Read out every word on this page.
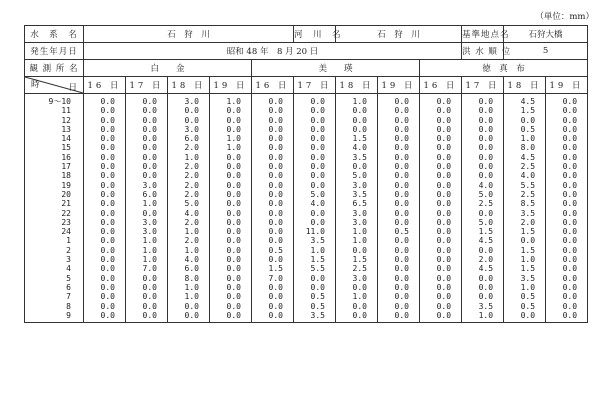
（単位：mm）
水　系　名	石　狩　川					河　川　名	石　狩　川			基準地点名	石狩大橋	
発生年月日	昭和 48 年　8 月 20 日									洪 水 順 位	5	
観 測 所 名	白　　金				美　　瑛				徳　真　布			

日
時	16 日	17 日	18 日	19 日	16 日	17 日	18 日	19 日	16 日	17 日	18 日	19 日
9〜10	0.0	0.0	3.0	1.0	0.0	0.0	1.0	0.0	0.0	0.0	4.5	0.0
11	0.0	0.0	0.0	0.0	0.0	0.0	0.0	0.0	0.0	0.0	1.5	0.0
12	0.0	0.0	0.0	0.0	0.0	0.0	0.0	0.0	0.0	0.0	0.0	0.0
13	0.0	0.0	3.0	0.0	0.0	0.0	0.0	0.0	0.0	0.0	0.5	0.0
14	0.0	0.0	6.0	1.0	0.0	0.0	1.5	0.0	0.0	0.0	1.0	0.0
15	0.0	0.0	2.0	1.0	0.0	0.0	4.0	0.0	0.0	0.0	8.0	0.0
16	0.0	0.0	1.0	0.0	0.0	0.0	3.5	0.0	0.0	0.0	4.5	0.0
17	0.0	0.0	2.0	0.0	0.0	0.0	0.0	0.0	0.0	0.0	2.5	0.0
18	0.0	0.0	2.0	0.0	0.0	0.0	5.0	0.0	0.0	0.0	4.0	0.0
19	0.0	3.0	2.0	0.0	0.0	0.0	3.0	0.0	0.0	4.0	5.5	0.0
20	0.0	6.0	2.0	0.0	0.0	5.0	3.5	0.0	0.0	5.0	2.5	0.0
21	0.0	1.0	5.0	0.0	0.0	4.0	6.5	0.0	0.0	2.5	8.5	0.0
22	0.0	0.0	4.0	0.0	0.0	0.0	3.0	0.0	0.0	0.0	3.5	0.0
23	0.0	3.0	2.0	0.0	0.0	0.0	3.0	0.0	0.0	5.0	2.0	0.0
24	0.0	3.0	1.0	0.0	0.0	11.0	1.0	0.5	0.0	1.5	1.5	0.0
1	0.0	1.0	2.0	0.0	0.0	3.5	1.0	0.0	0.0	4.5	0.0	0.0
2	0.0	1.0	1.0	0.0	0.5	1.0	0.0	0.0	0.0	0.0	1.5	0.0
3	0.0	1.0	4.0	0.0	0.0	1.5	1.5	0.0	0.0	2.0	1.0	0.0
4	0.0	7.0	6.0	0.0	1.5	5.5	2.5	0.0	0.0	4.5	1.5	0.0
5	0.0	0.0	8.0	0.0	7.0	0.0	3.0	0.0	0.0	0.0	3.5	0.0
6	0.0	0.0	1.0	0.0	0.0	0.0	0.0	0.0	0.0	0.0	1.0	0.0
7	0.0	0.0	1.0	0.0	0.0	0.5	1.0	0.0	0.0	0.0	0.5	0.0
8	0.0	0.0	0.0	0.0	0.0	0.5	0.0	0.0	0.0	3.5	0.5	0.0
9	0.0	0.0	0.0	0.0	0.0	3.5	0.0	0.0	0.0	1.0	0.0	0.0
